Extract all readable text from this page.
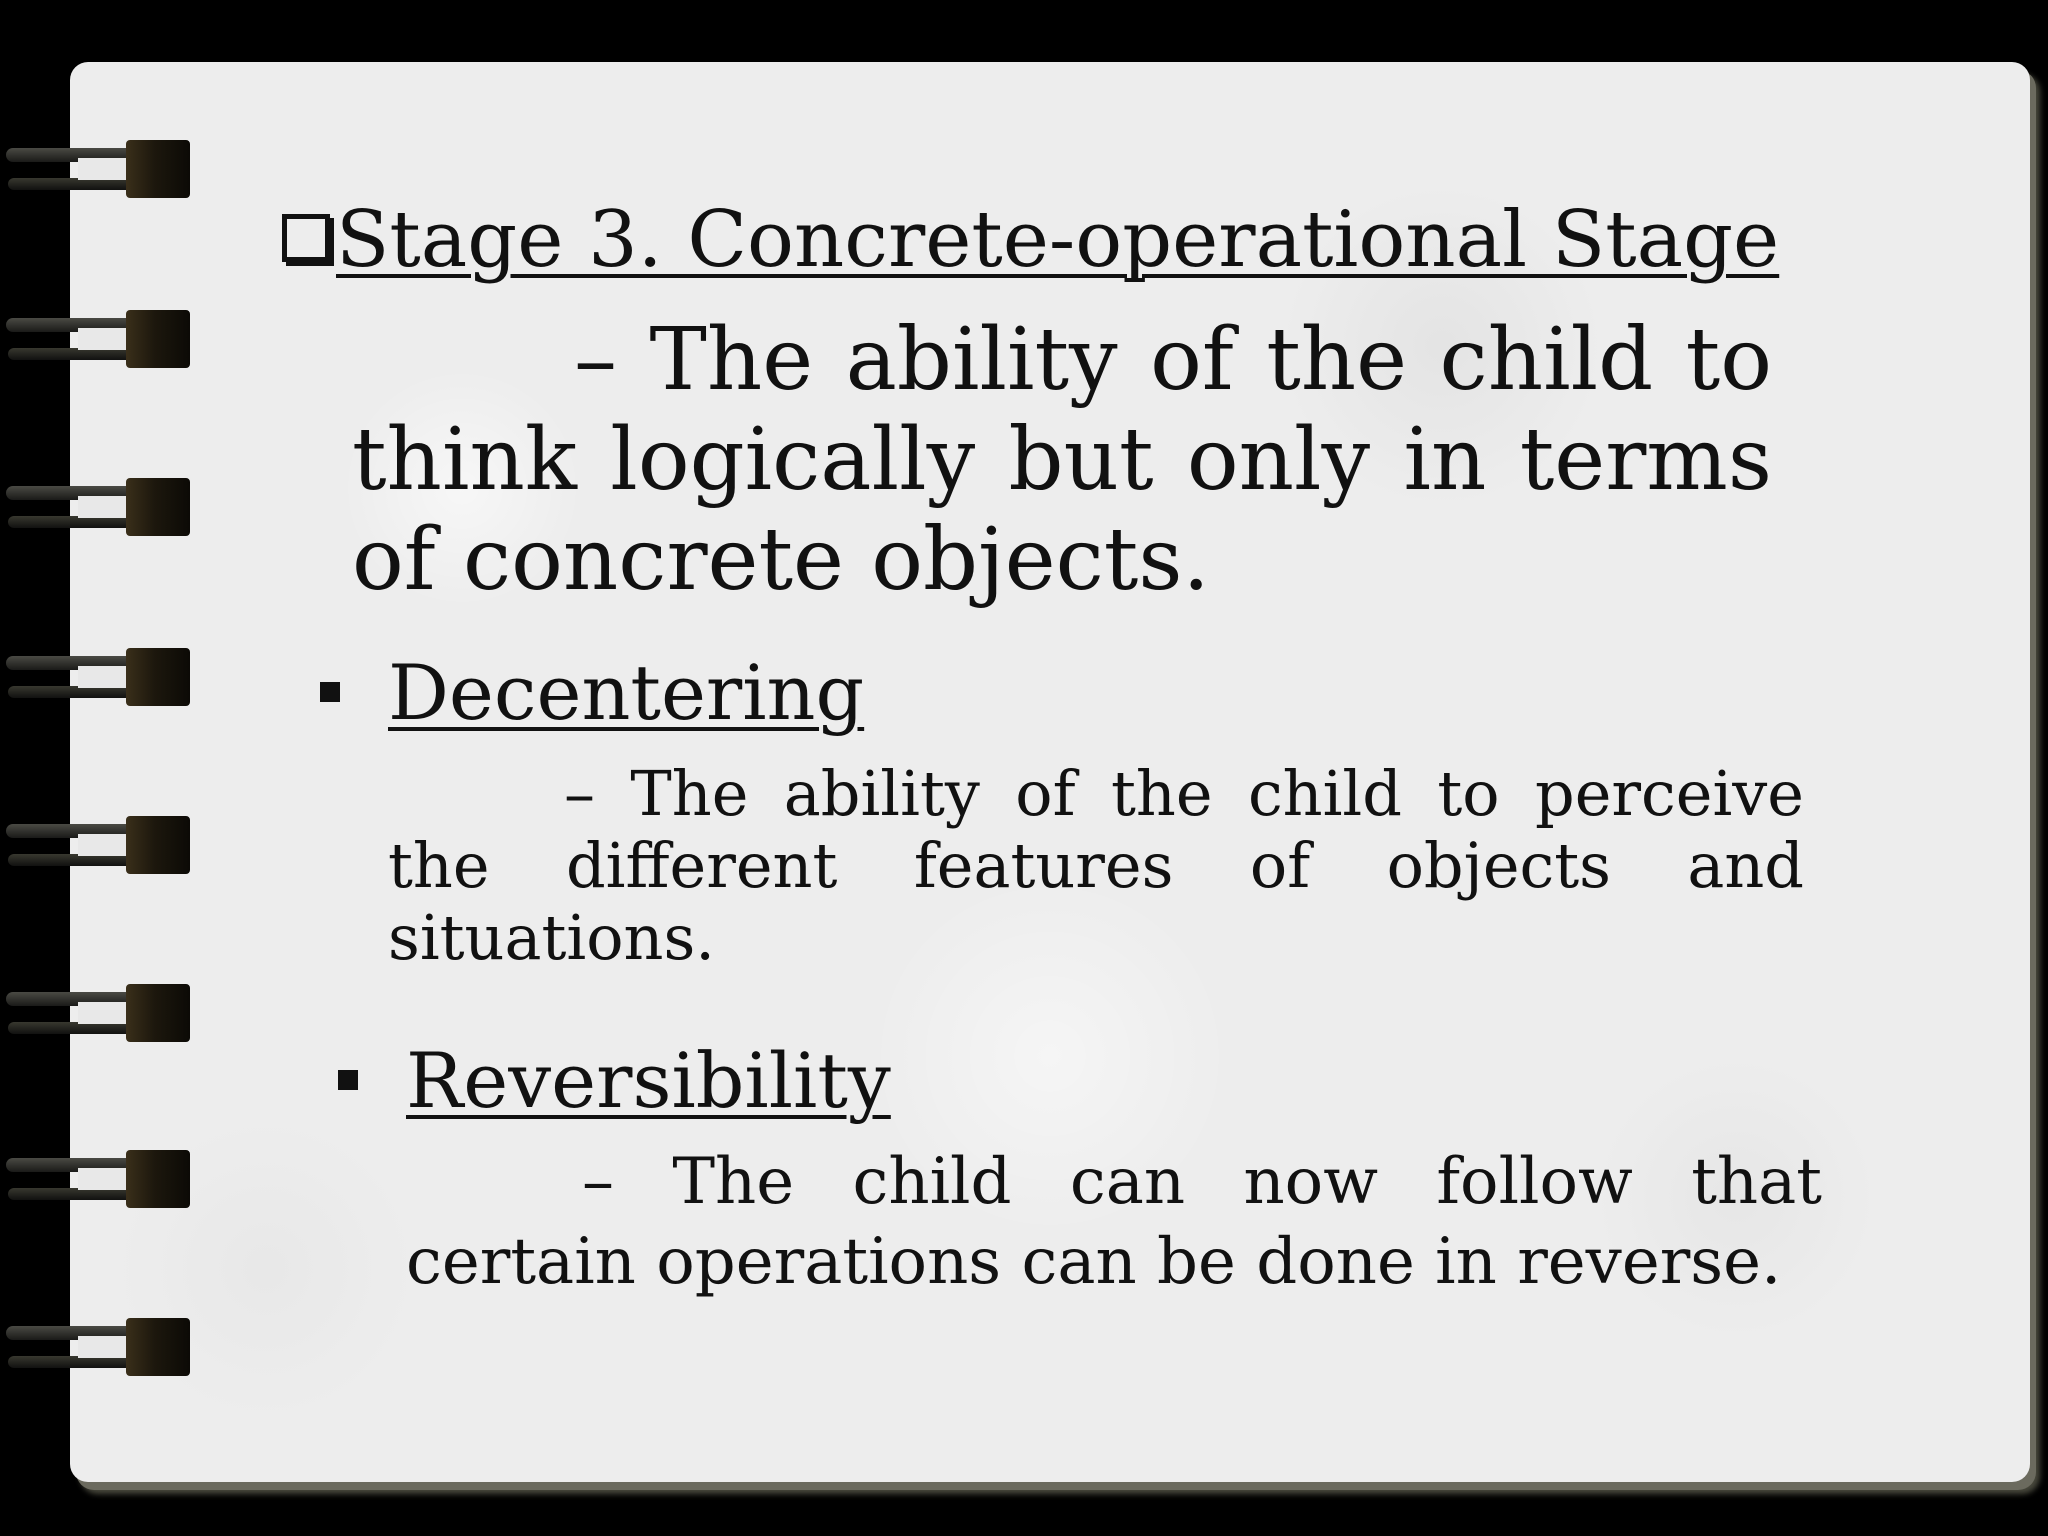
Stage 3. Concrete-operational Stage
– The ability of the child to think logically but only in terms of concrete objects.
Decentering
– The ability of the child to perceive the different features of objects and situations.
Reversibility
– The child can now follow that certain operations can be done in reverse.
